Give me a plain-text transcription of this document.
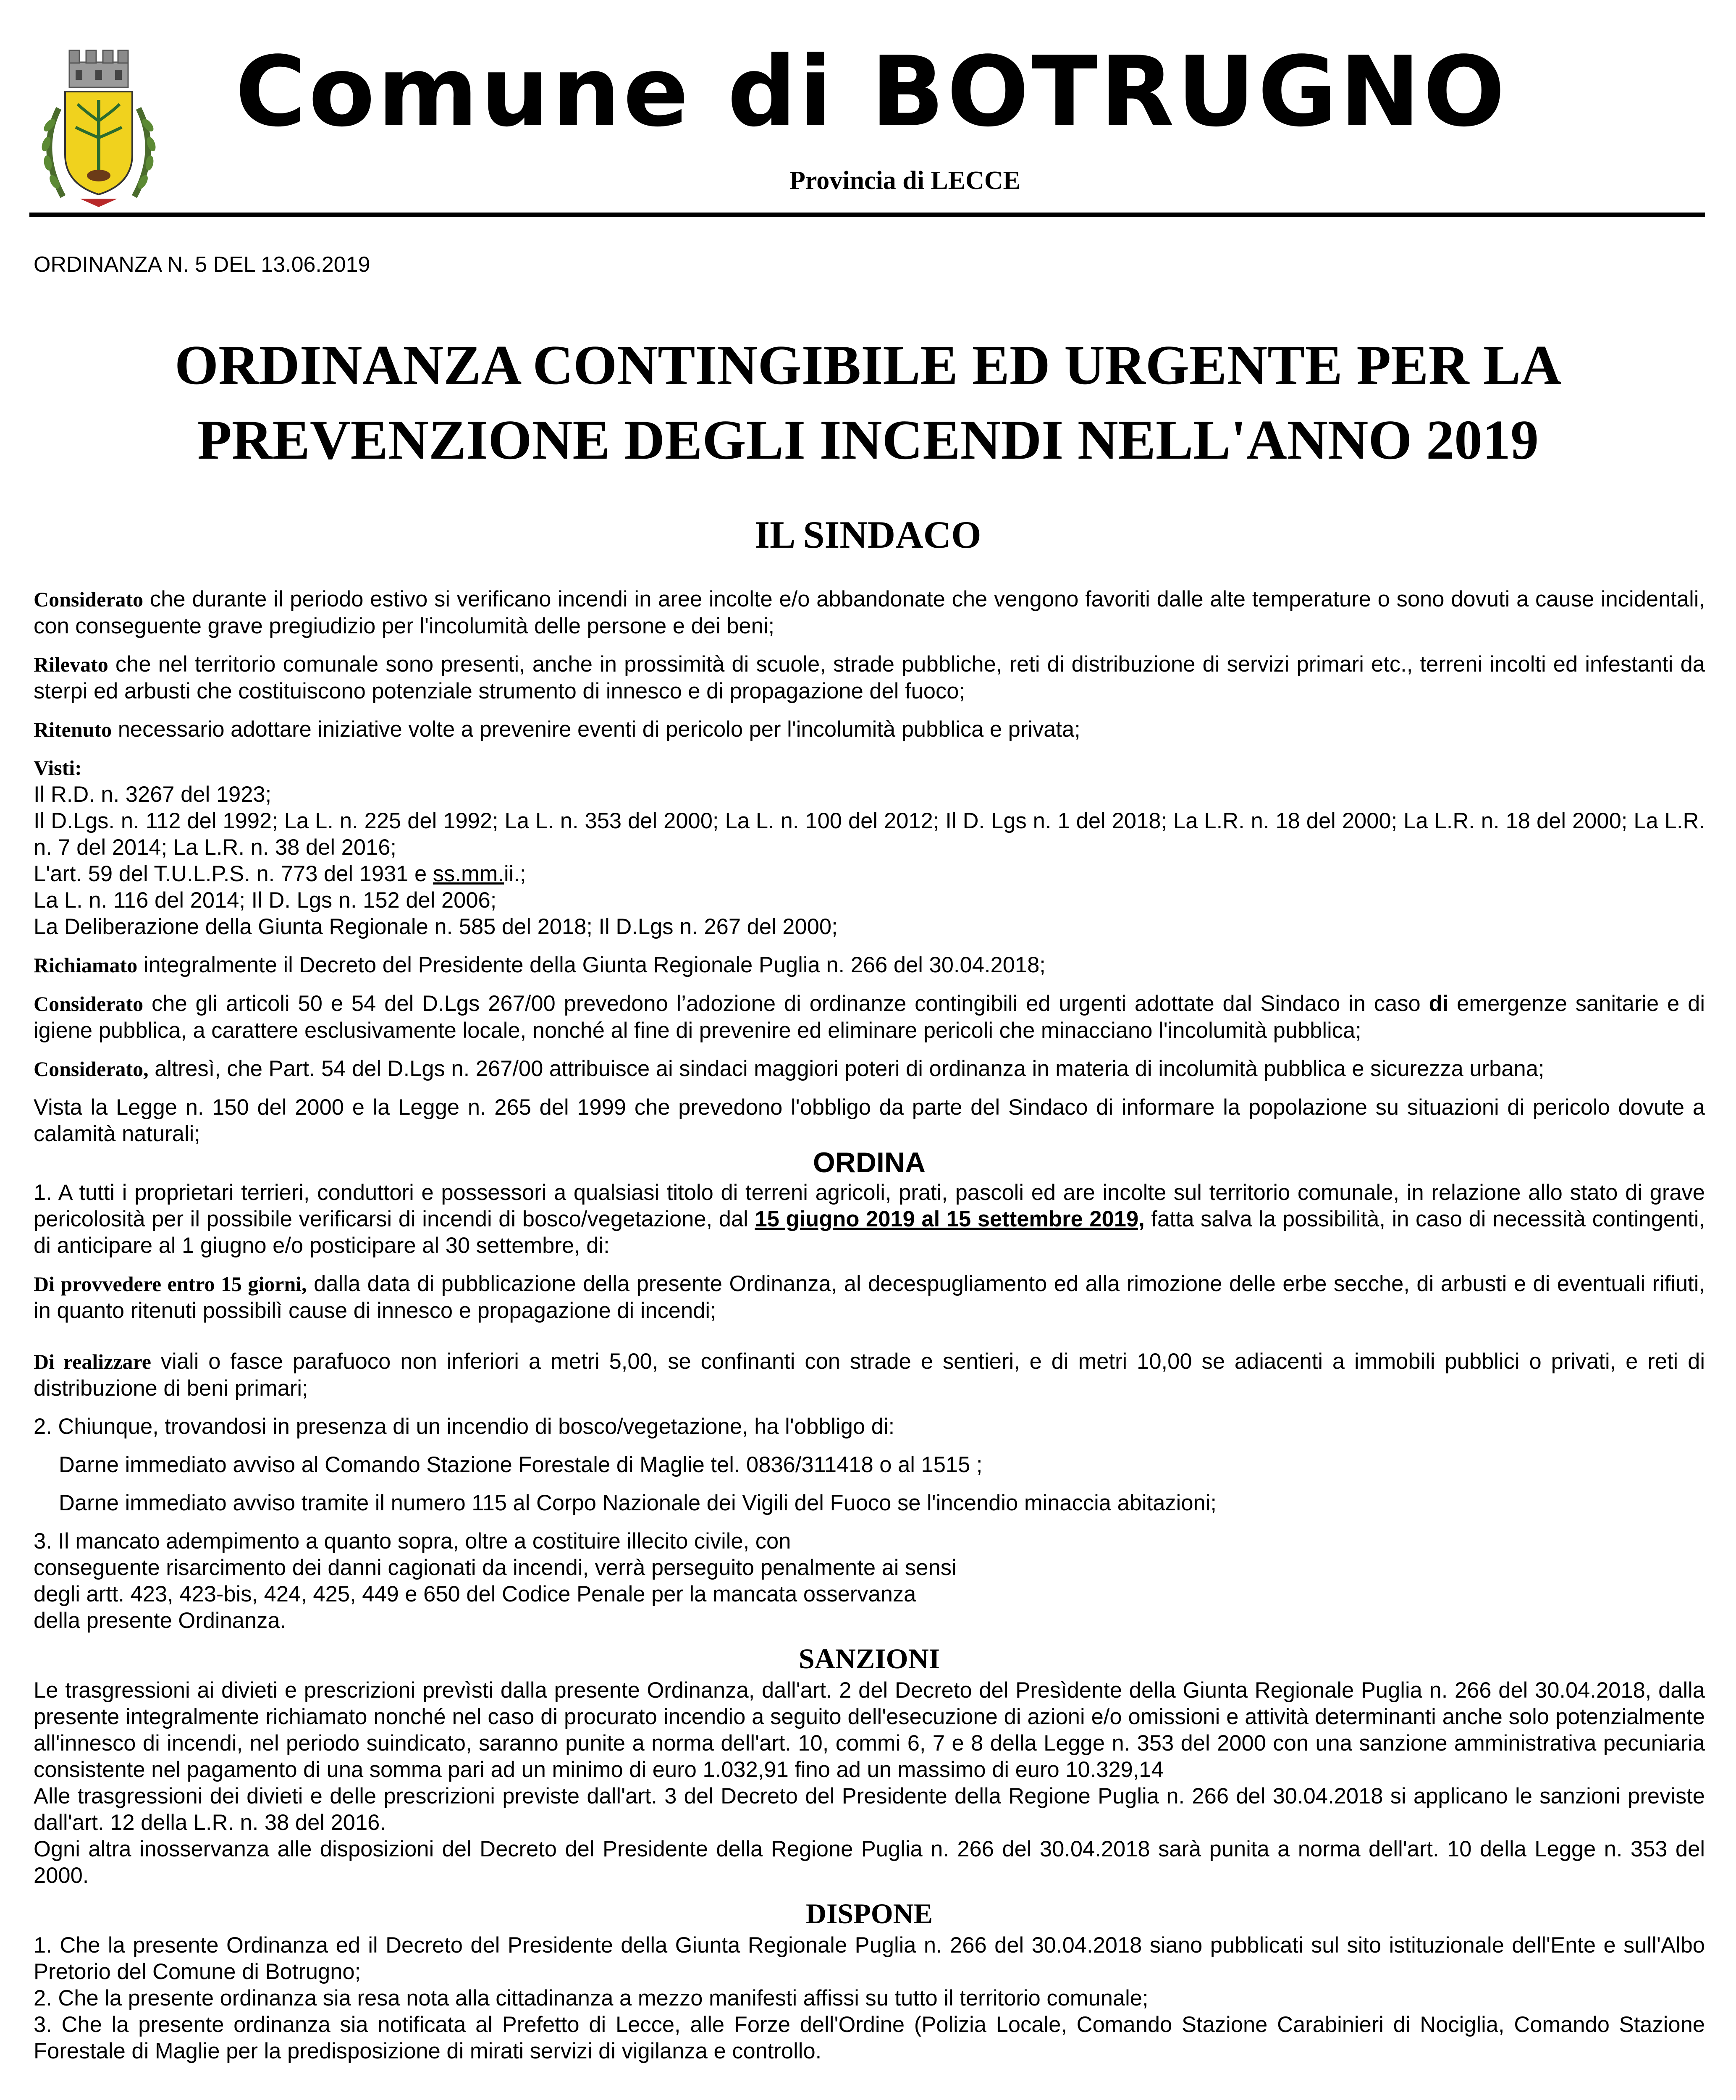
Comune di BOTRUGNO
Provincia di LECCE
ORDINANZA N. 5 DEL 13.06.2019
ORDINANZA CONTINGIBILE ED URGENTE PER LA PREVENZIONE DEGLI INCENDI NELL'ANNO 2019
IL SINDACO

Considerato che durante il periodo estivo si verificano incendi in aree incolte e/o abbandonate che vengono favoriti dalle alte temperature o sono dovuti a cause incidentali, con conseguente grave pregiudizio per l'incolumità delle persone e dei beni;

Rilevato che nel territorio comunale sono presenti, anche in prossimità di scuole, strade pubbliche, reti di distribuzione di servizi primari etc., terreni incolti ed infestanti da sterpi ed arbusti che costituiscono potenziale strumento di innesco e di propagazione del fuoco;

Ritenuto necessario adottare iniziative volte a prevenire eventi di pericolo per l'incolumità pubblica e privata;

Visti:
Il R.D. n. 3267 del 1923;
Il D.Lgs. n. 112 del 1992; La L. n. 225 del 1992; La L. n. 353 del 2000; La L. n. 100 del 2012; Il D. Lgs n. 1 del 2018; La L.R. n. 18 del 2000; La L.R. n. 18 del 2000; La L.R. n. 7 del 2014; La L.R. n. 38 del 2016;
L'art. 59 del T.U.L.P.S. n. 773 del 1931 e ss.mm.ii.;
La L. n. 116 del 2014; Il D. Lgs n. 152 del 2006;
La Deliberazione della Giunta Regionale n. 585 del 2018; Il D.Lgs n. 267 del 2000;

Richiamato integralmente il Decreto del Presidente della Giunta Regionale Puglia n. 266 del 30.04.2018;

Considerato che gli articoli 50 e 54 del D.Lgs 267/00 prevedono l’adozione di ordinanze contingibili ed urgenti adottate dal Sindaco in caso di emergenze sanitarie e di igiene pubblica, a carattere esclusivamente locale, nonché al fine di prevenire ed eliminare pericoli che minacciano l'incolumità pubblica;

Considerato, altresì, che Part. 54 del D.Lgs n. 267/00 attribuisce ai sindaci maggiori poteri di ordinanza in materia di incolumità pubblica e sicurezza urbana;

Vista la Legge n. 150 del 2000 e la Legge n. 265 del 1999 che prevedono l'obbligo da parte del Sindaco di informare la popolazione su situazioni di pericolo dovute a calamità naturali;

ORDINA

1. A tutti i proprietari terrieri, conduttori e possessori a qualsiasi titolo di terreni agricoli, prati, pascoli ed are incolte sul territorio comunale, in relazione allo stato di grave pericolosità per il possibile verificarsi di incendi di bosco/vegetazione, dal 15 giugno 2019 al 15 settembre 2019, fatta salva la possibilità, in caso di necessità contingenti, di anticipare al 1 giugno e/o posticipare al 30 settembre, di:

Di provvedere entro 15 giorni, dalla data di pubblicazione della presente Ordinanza, al decespugliamento ed alla rimozione delle erbe secche, di arbusti e di eventuali rifiuti, in quanto ritenuti possibilì cause di innesco e propagazione di incendi;

Di realizzare viali o fasce parafuoco non inferiori a metri 5,00, se confinanti con strade e sentieri, e di metri 10,00 se adiacenti a immobili pubblici o privati, e reti di distribuzione di beni primari;

2. Chiunque, trovandosi in presenza di un incendio di bosco/vegetazione, ha l'obbligo di:

Darne immediato avviso al Comando Stazione Forestale di Maglie tel. 0836/311418 o al 1515 ;

Darne immediato avviso tramite il numero 115 al Corpo Nazionale dei Vigili del Fuoco se l'incendio minaccia abitazioni;

3. Il mancato adempimento a quanto sopra, oltre a costituire illecito civile, con
conseguente risarcimento dei danni cagionati da incendi, verrà perseguito penalmente ai sensi
degli artt. 423, 423-bis, 424, 425, 449 e 650 del Codice Penale per la mancata osservanza
della presente Ordinanza.

SANZIONI

Le trasgressioni ai divieti e prescrizioni prevìsti dalla presente Ordinanza, dall'art. 2 del Decreto del Presìdente della Giunta Regionale Puglia n. 266 del 30.04.2018, dalla presente integralmente richiamato nonché nel caso di procurato incendio a seguito dell'esecuzione di azioni e/o omissioni e attività determinanti anche solo potenzialmente all'innesco di incendi, nel periodo suindicato, saranno punite a norma dell'art. 10, commi 6, 7 e 8 della Legge n. 353 del 2000 con una sanzione amministrativa pecuniaria consistente nel pagamento di una somma pari ad un minimo di euro 1.032,91 fino ad un massimo di euro 10.329,14

Alle trasgressioni dei divieti e delle prescrizioni previste dall'art. 3 del Decreto del Presidente della Regione Puglia n. 266 del 30.04.2018 si applicano le sanzioni previste dall'art. 12 della L.R. n. 38 del 2016.

Ogni altra inosservanza alle disposizioni del Decreto del Presidente della Regione Puglia n. 266 del 30.04.2018 sarà punita a norma dell'art. 10 della Legge n. 353 del 2000.

DISPONE

1. Che la presente Ordinanza ed il Decreto del Presidente della Giunta Regionale Puglia n. 266 del 30.04.2018 siano pubblicati sul sito istituzionale dell'Ente e sull'Albo Pretorio del Comune di Botrugno;

2. Che la presente ordinanza sia resa nota alla cittadinanza a mezzo manifesti affissi su tutto il territorio comunale;

3. Che la presente ordinanza sia notificata al Prefetto di Lecce, alle Forze dell'Ordine (Polizia Locale, Comando Stazione Carabinieri di Nociglia, Comando Stazione Forestale di Maglie per la predisposizione di mirati servizi di vigilanza e controllo.
